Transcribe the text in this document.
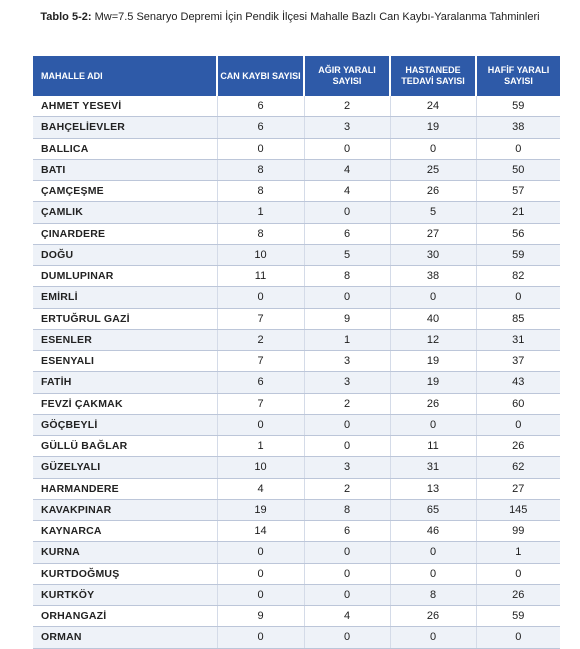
Tablo 5-2: Mw=7.5 Senaryo Depremi İçin Pendik İlçesi Mahalle Bazlı Can Kaybı-Yaralanma Tahminleri
MAHALLE ADI	CAN KAYBI SAYISI	AĞIR YARALI SAYISI	HASTANEDE TEDAVİ SAYISI	HAFİF YARALI SAYISI
AHMET YESEVİ	6	2	24	59
BAHÇELİEVLER	6	3	19	38
BALLICA	0	0	0	0
BATI	8	4	25	50
ÇAMÇEŞME	8	4	26	57
ÇAMLIK	1	0	5	21
ÇINARDERE	8	6	27	56
DOĞU	10	5	30	59
DUMLUPINAR	11	8	38	82
EMİRLİ	0	0	0	0
ERTUĞRUL GAZİ	7	9	40	85
ESENLER	2	1	12	31
ESENYALI	7	3	19	37
FATİH	6	3	19	43
FEVZİ ÇAKMAK	7	2	26	60
GÖÇBEYLİ	0	0	0	0
GÜLLÜ BAĞLAR	1	0	11	26
GÜZELYALI	10	3	31	62
HARMANDERE	4	2	13	27
KAVAKPINAR	19	8	65	145
KAYNARCA	14	6	46	99
KURNA	0	0	0	1
KURTDOĞMUŞ	0	0	0	0
KURTKÖY	0	0	8	26
ORHANGAZİ	9	4	26	59
ORMAN	0	0	0	0
